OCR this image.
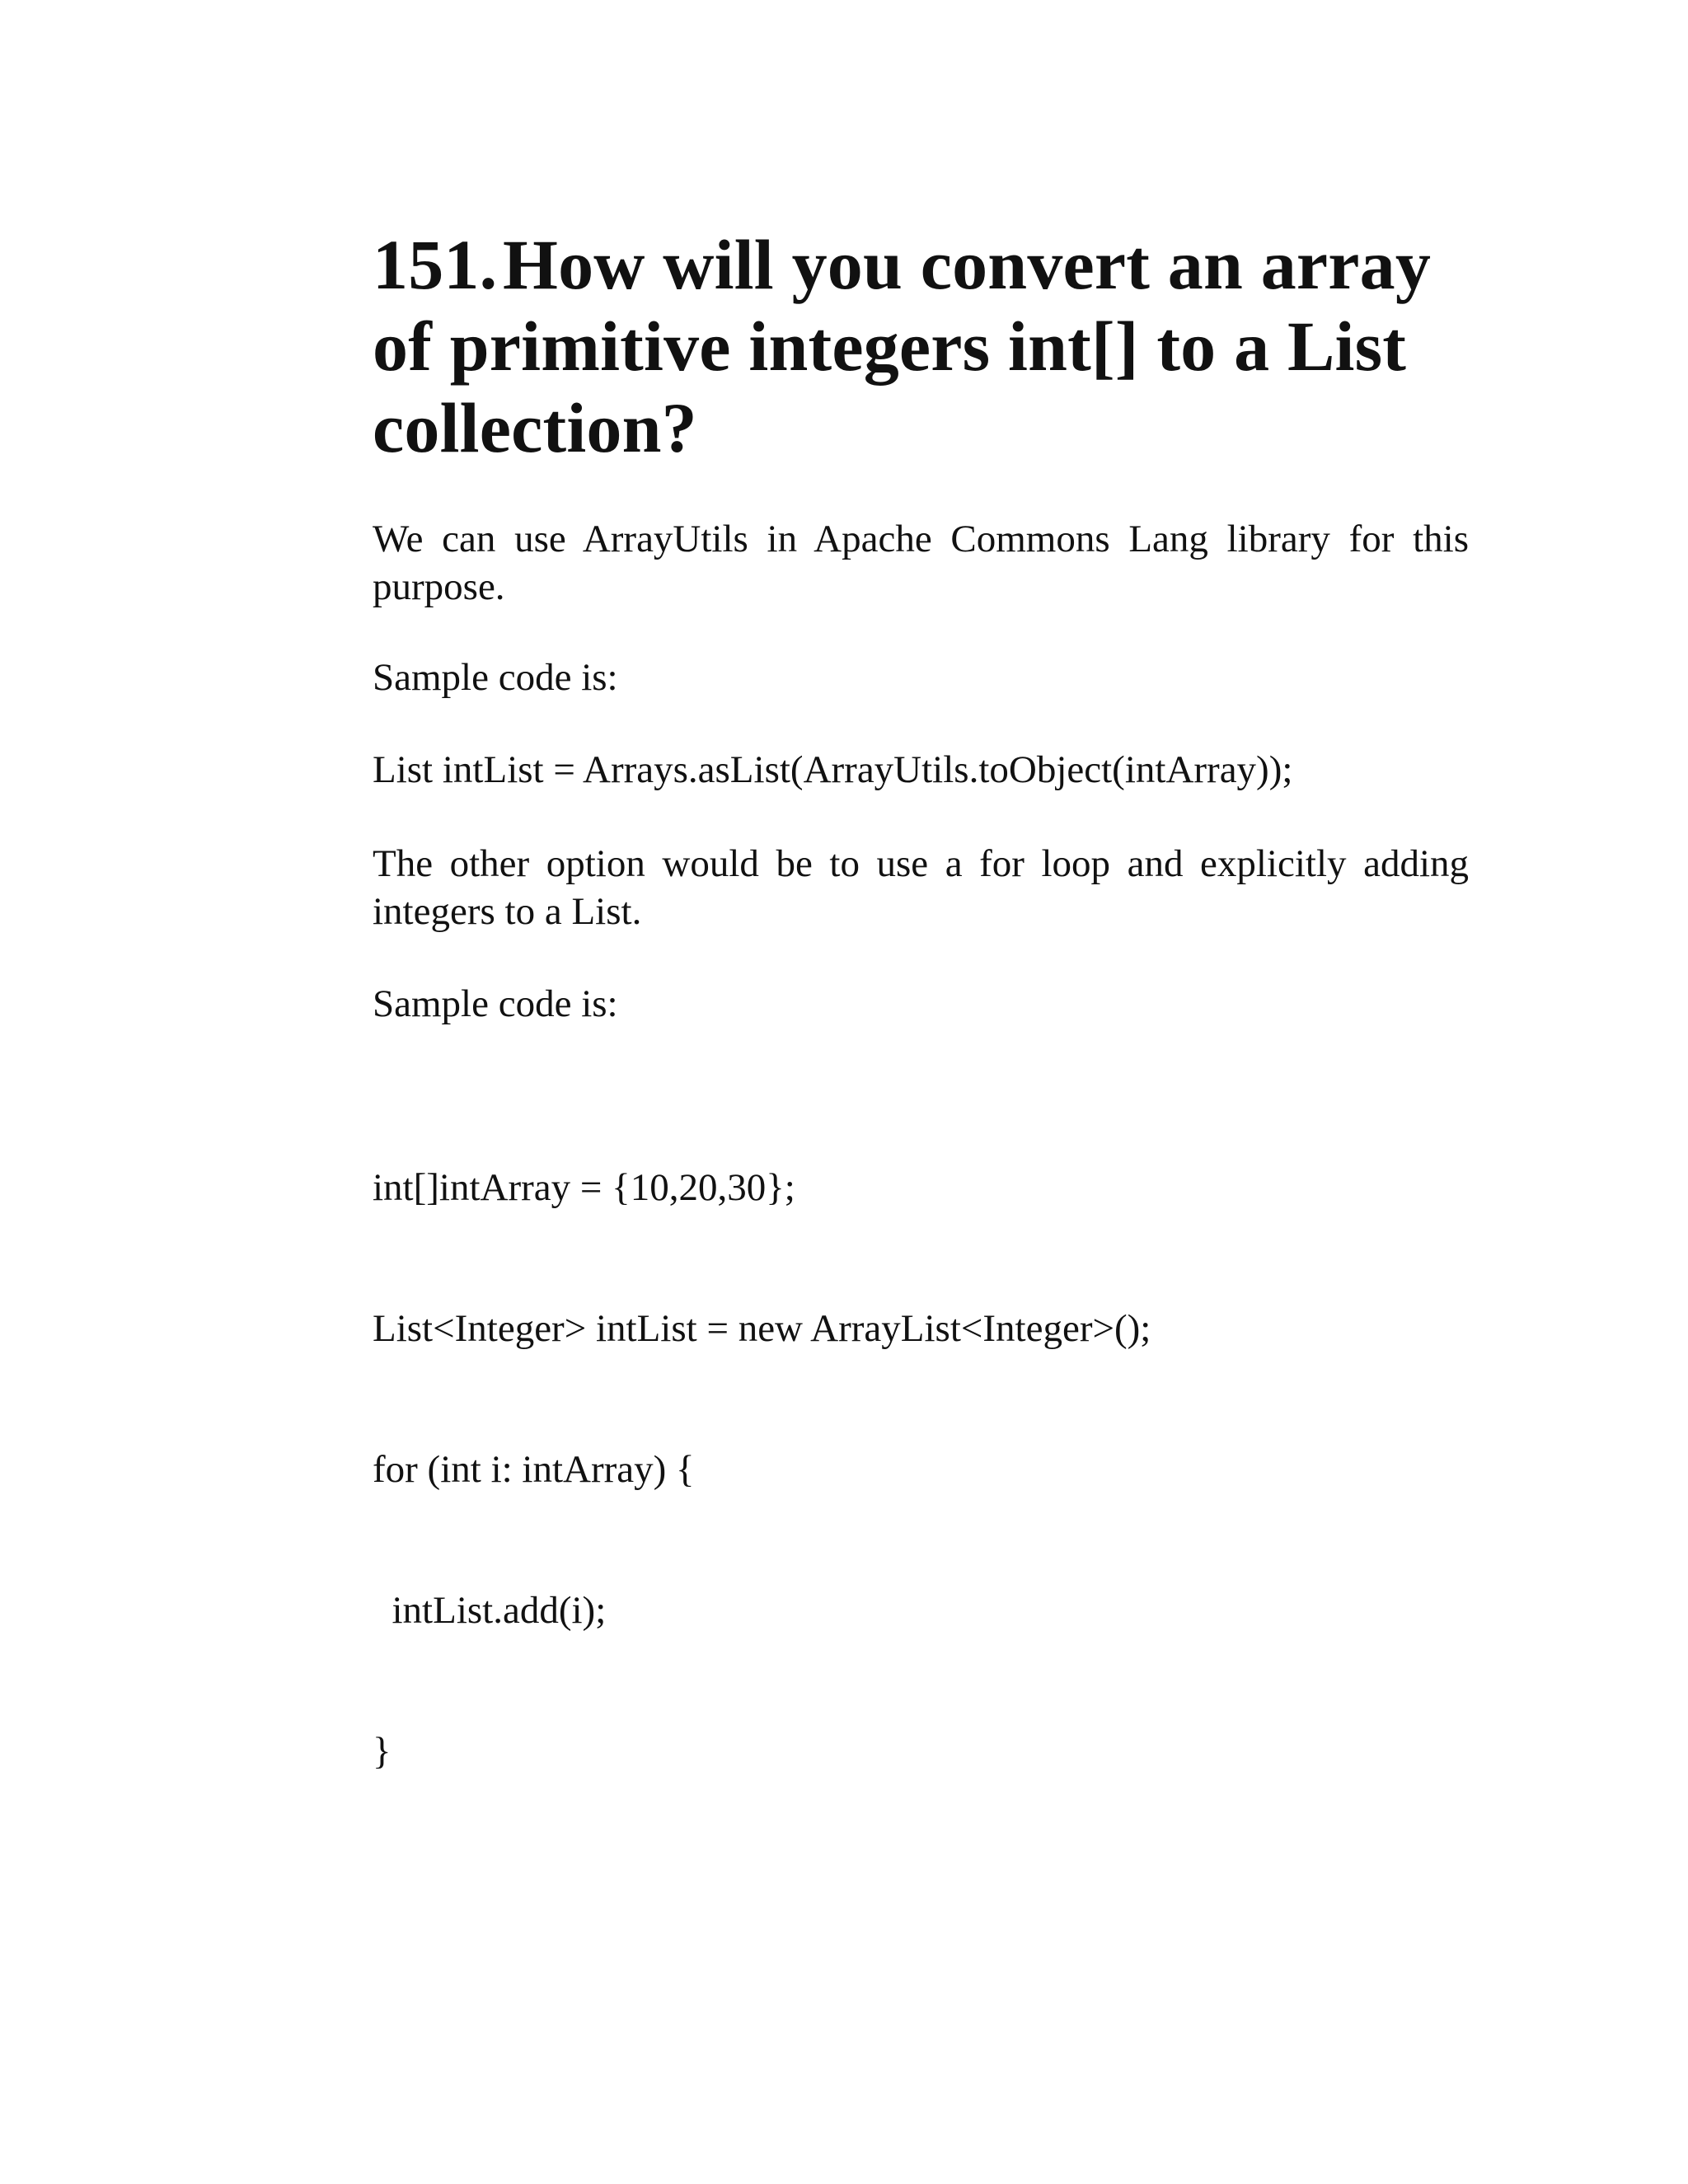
151.How will you convert an array of primitive integers int[] to a List collection?

We can use ArrayUtils in Apache Commons Lang library for this purpose.

Sample code is:

List intList = Arrays.asList(ArrayUtils.toObject(intArray));

The other option would be to use a for loop and explicitly adding integers to a List.

Sample code is:

int[]intArray = {10,20,30};

List<Integer> intList = new ArrayList<Integer>();

for (int i: intArray) {

intList.add(i);

}
